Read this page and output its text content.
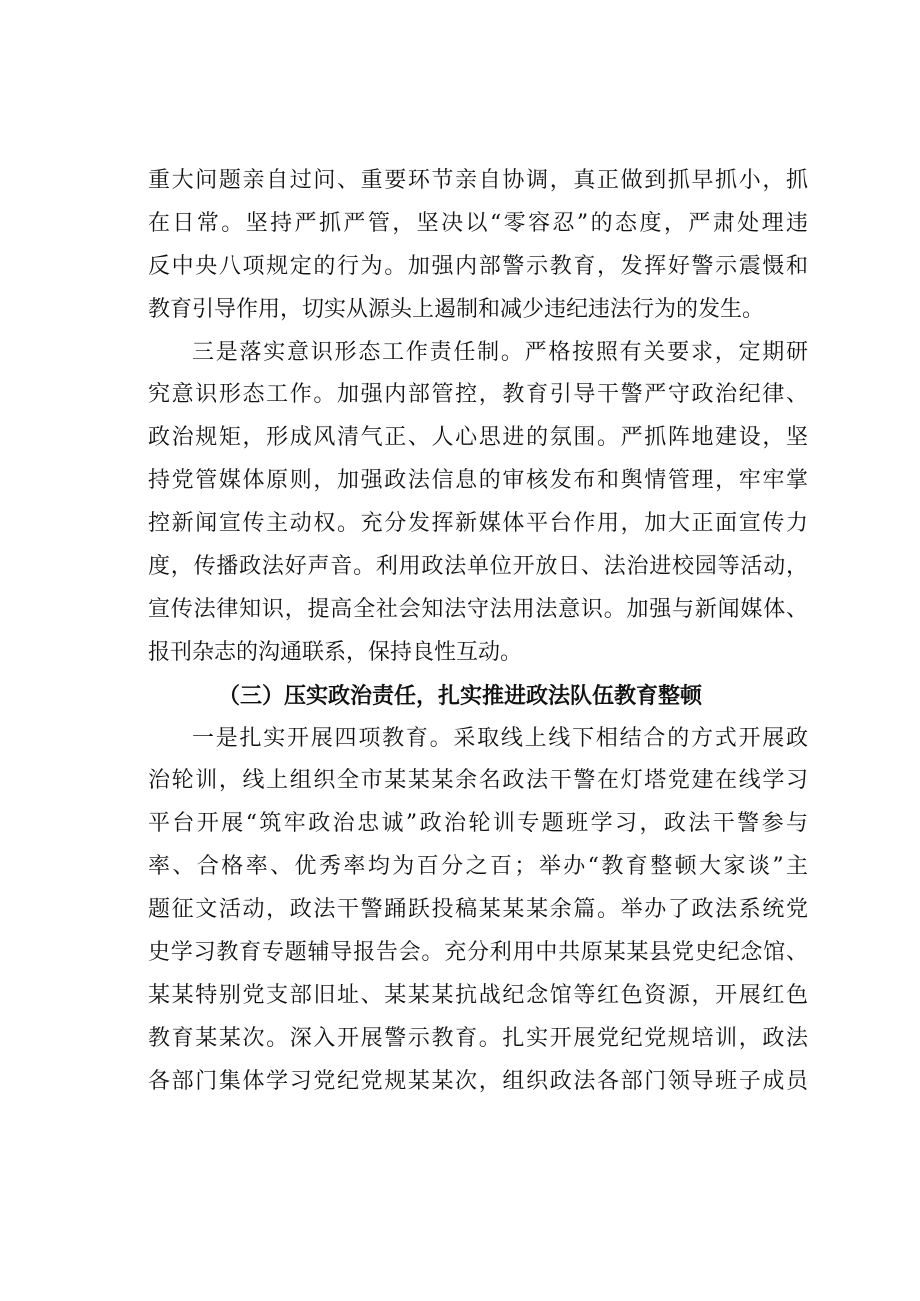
重大问题亲自过问、重要环节亲自协调，真正做到抓早抓小，抓
在日常。坚持严抓严管，坚决以“零容忍”的态度，严肃处理违
反中央八项规定的行为。加强内部警示教育，发挥好警示震慑和
教育引导作用，切实从源头上遏制和减少违纪违法行为的发生。
三是落实意识形态工作责任制。严格按照有关要求，定期研
究意识形态工作。加强内部管控，教育引导干警严守政治纪律、
政治规矩，形成风清气正、人心思进的氛围。严抓阵地建设，坚
持党管媒体原则，加强政法信息的审核发布和舆情管理，牢牢掌
控新闻宣传主动权。充分发挥新媒体平台作用，加大正面宣传力
度，传播政法好声音。利用政法单位开放日、法治进校园等活动，
宣传法律知识，提高全社会知法守法用法意识。加强与新闻媒体、
报刊杂志的沟通联系，保持良性互动。
（三）压实政治责任，扎实推进政法队伍教育整顿
一是扎实开展四项教育。采取线上线下相结合的方式开展政
治轮训，线上组织全市某某某余名政法干警在灯塔党建在线学习
平台开展“筑牢政治忠诚”政治轮训专题班学习，政法干警参与
率、合格率、优秀率均为百分之百；举办“教育整顿大家谈”主
题征文活动，政法干警踊跃投稿某某某余篇。举办了政法系统党
史学习教育专题辅导报告会。充分利用中共原某某县党史纪念馆、
某某特别党支部旧址、某某某抗战纪念馆等红色资源，开展红色
教育某某次。深入开展警示教育。扎实开展党纪党规培训，政法
各部门集体学习党纪党规某某次，组织政法各部门领导班子成员
